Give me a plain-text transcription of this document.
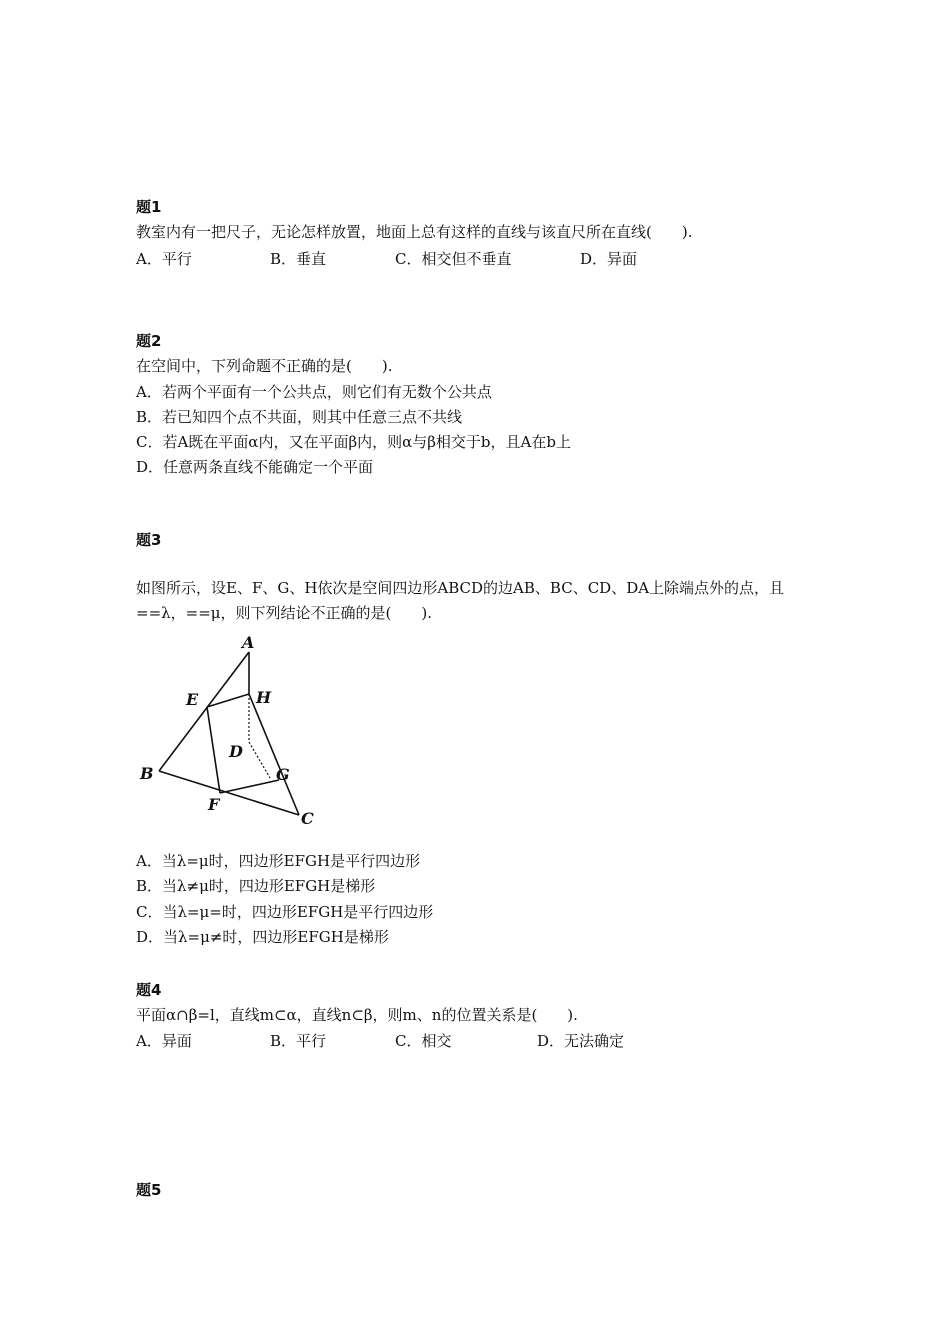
题1
教室内有一把尺子，无论怎样放置，地面上总有这样的直线与该直尺所在直线(　　).
A．平行	B．垂直	C．相交但不垂直	D．异面
题2
在空间中，下列命题不正确的是(　　).
A．若两个平面有一个公共点，则它们有无数个公共点
B．若已知四个点不共面，则其中任意三点不共线
C．若A既在平面α内，又在平面β内，则α与β相交于b，且A在b上
D．任意两条直线不能确定一个平面
题3
如图所示，设E、F、G、H依次是空间四边形ABCD的边AB、BC、CD、DA上除端点外的点，且
==λ，==μ，则下列结论不正确的是(　　).
A
E	H
D
B	G
F
C
A．当λ=μ时，四边形EFGH是平行四边形
B．当λ≠μ时，四边形EFGH是梯形
C．当λ=μ=时，四边形EFGH是平行四边形
D．当λ=μ≠时，四边形EFGH是梯形
题4
平面α∩β=l，直线m⊂α，直线n⊂β，则m、n的位置关系是(　　).
A．异面	B．平行	C．相交	D．无法确定
题5
